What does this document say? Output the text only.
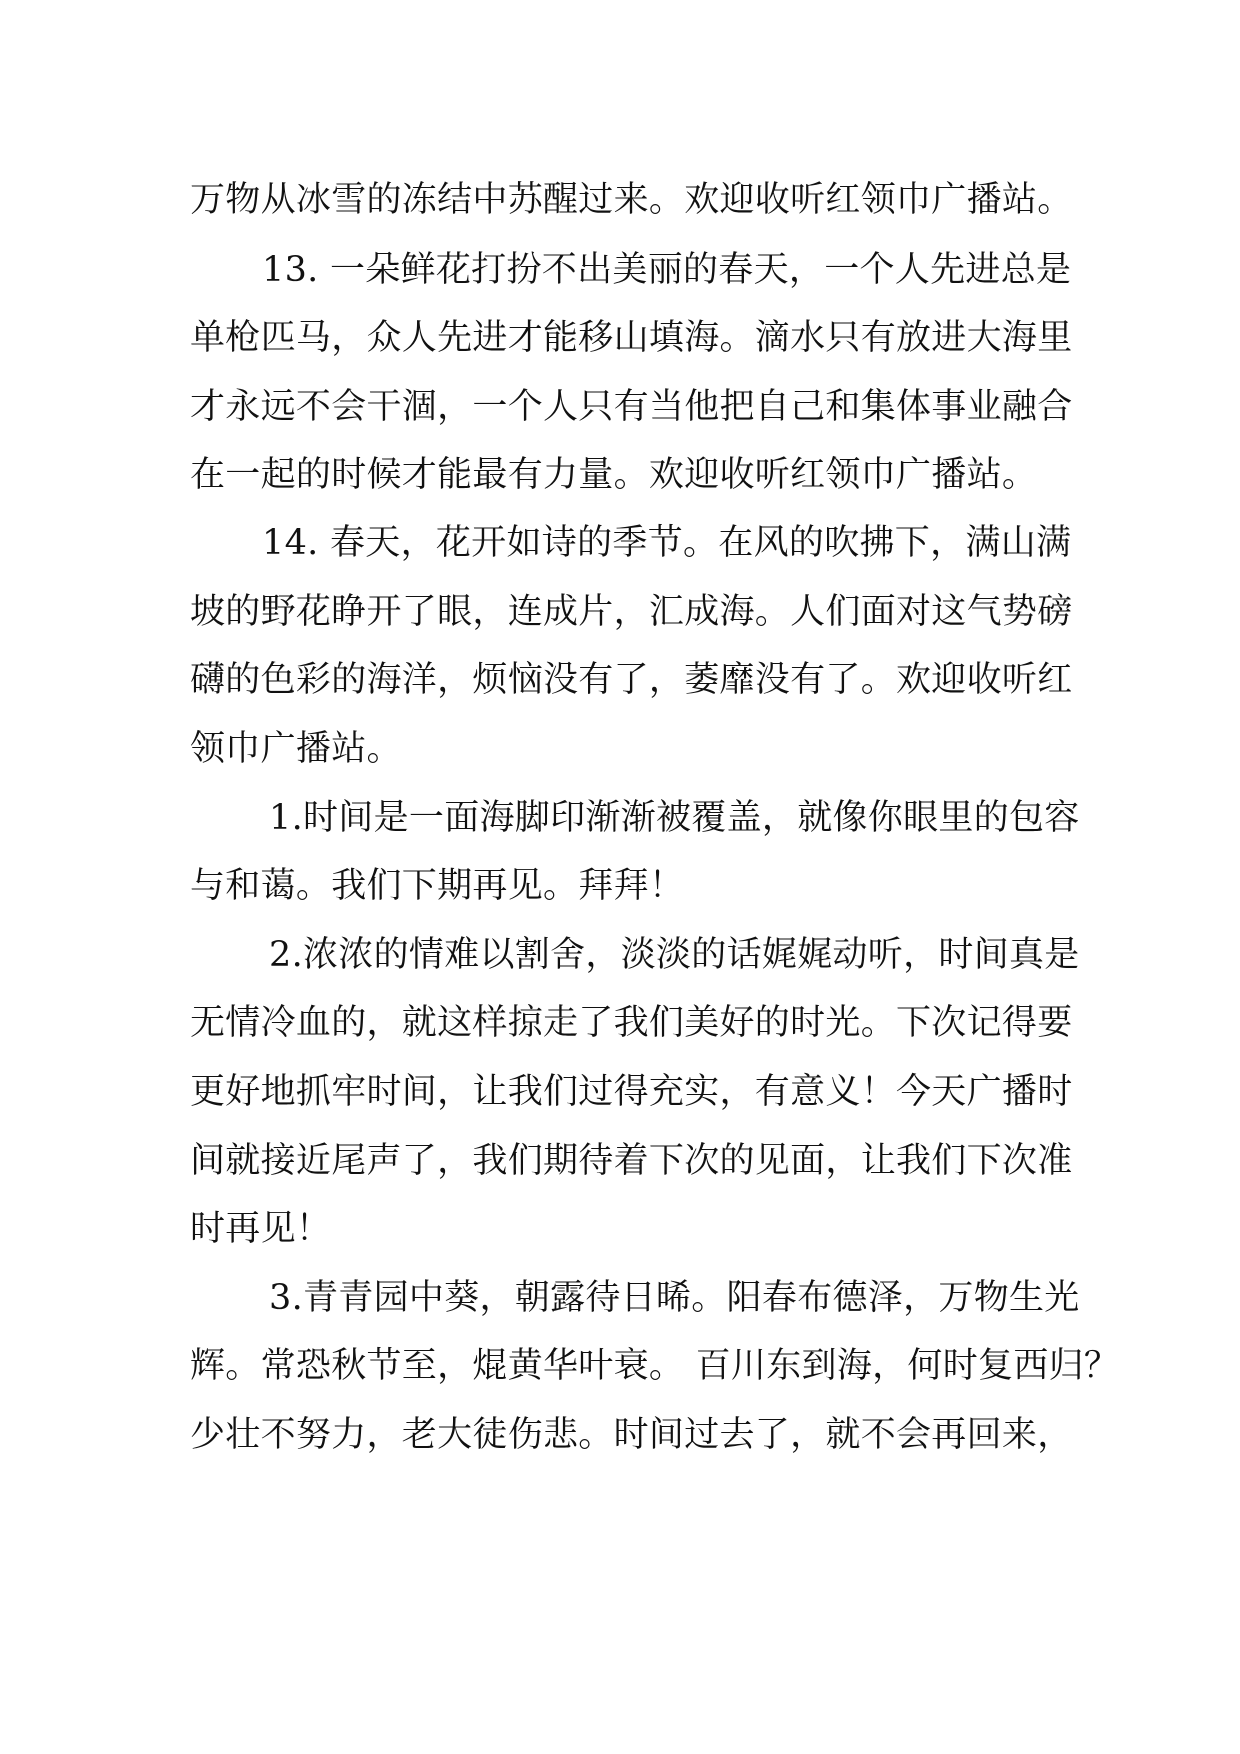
万物从冰雪的冻结中苏醒过来。欢迎收听红领巾广播站。
13. 一朵鲜花打扮不出美丽的春天，一个人先进总是
单枪匹马，众人先进才能移山填海。滴水只有放进大海里
才永远不会干涸，一个人只有当他把自己和集体事业融合
在一起的时候才能最有力量。欢迎收听红领巾广播站。
14. 春天，花开如诗的季节。在风的吹拂下，满山满
坡的野花睁开了眼，连成片，汇成海。人们面对这气势磅
礴的色彩的海洋，烦恼没有了，萎靡没有了。欢迎收听红
领巾广播站。
1.时间是一面海脚印渐渐被覆盖，就像你眼里的包容
与和蔼。我们下期再见。拜拜！
2.浓浓的情难以割舍，淡淡的话娓娓动听，时间真是
无情冷血的，就这样掠走了我们美好的时光。下次记得要
更好地抓牢时间，让我们过得充实，有意义！今天广播时
间就接近尾声了，我们期待着下次的见面，让我们下次准
时再见！
3.青青园中葵，朝露待日晞。阳春布德泽，万物生光
辉。常恐秋节至，焜黄华叶衰。 百川东到海，何时复西归？
少壮不努力，老大徒伤悲。时间过去了，就不会再回来，
